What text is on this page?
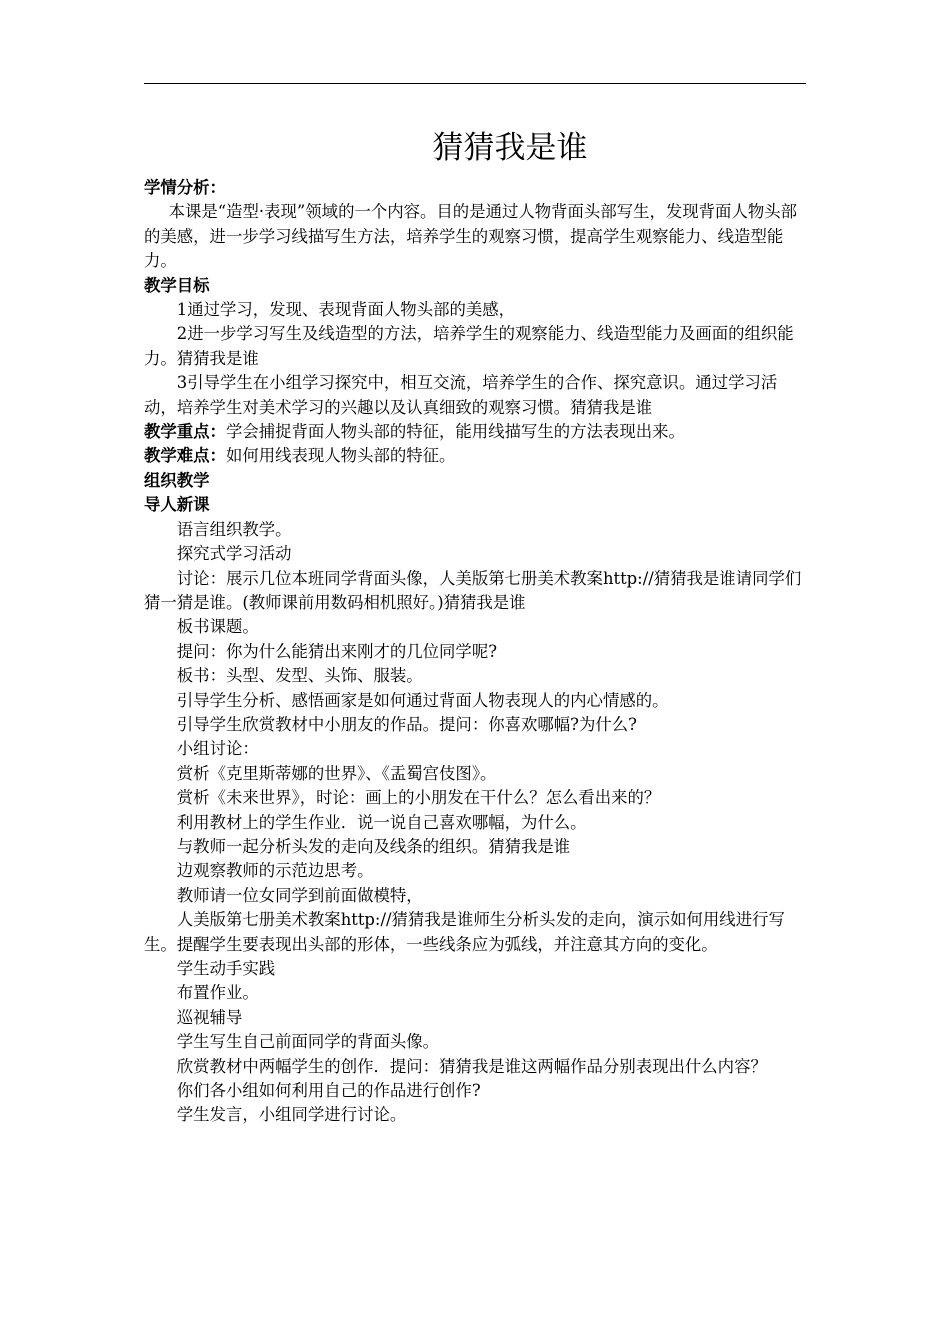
猜猜我是谁

学情分析：

本课是“造型·表现”领域的一个内容。目的是通过人物背面头部写生，发现背面人物头部的美感，进一步学习线描写生方法，培养学生的观察习惯，提高学生观察能力、线造型能力。

教学目标

1通过学习，发现、表现背面人物头部的美感，

2进一步学习写生及线造型的方法，培养学生的观察能力、线造型能力及画面的组织能力。猜猜我是谁

3引导学生在小组学习探究中，相互交流，培养学生的合作、探究意识。通过学习活动，培养学生对美术学习的兴趣以及认真细致的观察习惯。猜猜我是谁

教学重点：学会捕捉背面人物头部的特征，能用线描写生的方法表现出来。

教学难点：如何用线表现人物头部的特征。

组织教学

导人新课

语言组织教学。

探究式学习活动

讨论：展示几位本班同学背面头像，人美版第七册美术教案http://猜猜我是谁请同学们猜一猜是谁。(教师课前用数码相机照好。)猜猜我是谁

板书课题。

提问：你为什么能猜出来刚才的几位同学呢?

板书：头型、发型、头饰、服装。

引导学生分析、感悟画家是如何通过背面人物表现人的内心情感的。

引导学生欣赏教材中小朋友的作品。提问：你喜欢哪幅?为什么?

小组讨论：

赏析《克里斯蒂娜的世界》、《盂蜀宫伎图》。

赏析《未来世界》，时论：画上的小朋发在干什么？怎么看出来的？

利用教材上的学生作业．说一说自己喜欢哪幅，为什么。

与教师一起分析头发的走向及线条的组织。猜猜我是谁

边观察教师的示范边思考。

教师请一位女同学到前面做模特，

人美版第七册美术教案http://猜猜我是谁师生分析头发的走向，演示如何用线进行写生。提醒学生要表现出头部的形体，一些线条应为弧线，并注意其方向的变化。

学生动手实践

布置作业。

巡视辅导

学生写生自己前面同学的背面头像。

欣赏教材中两幅学生的创作．提问：猜猜我是谁这两幅作品分别表现出什么内容？

你们各小组如何利用自己的作品进行创作?

学生发言，小组同学进行讨论。
